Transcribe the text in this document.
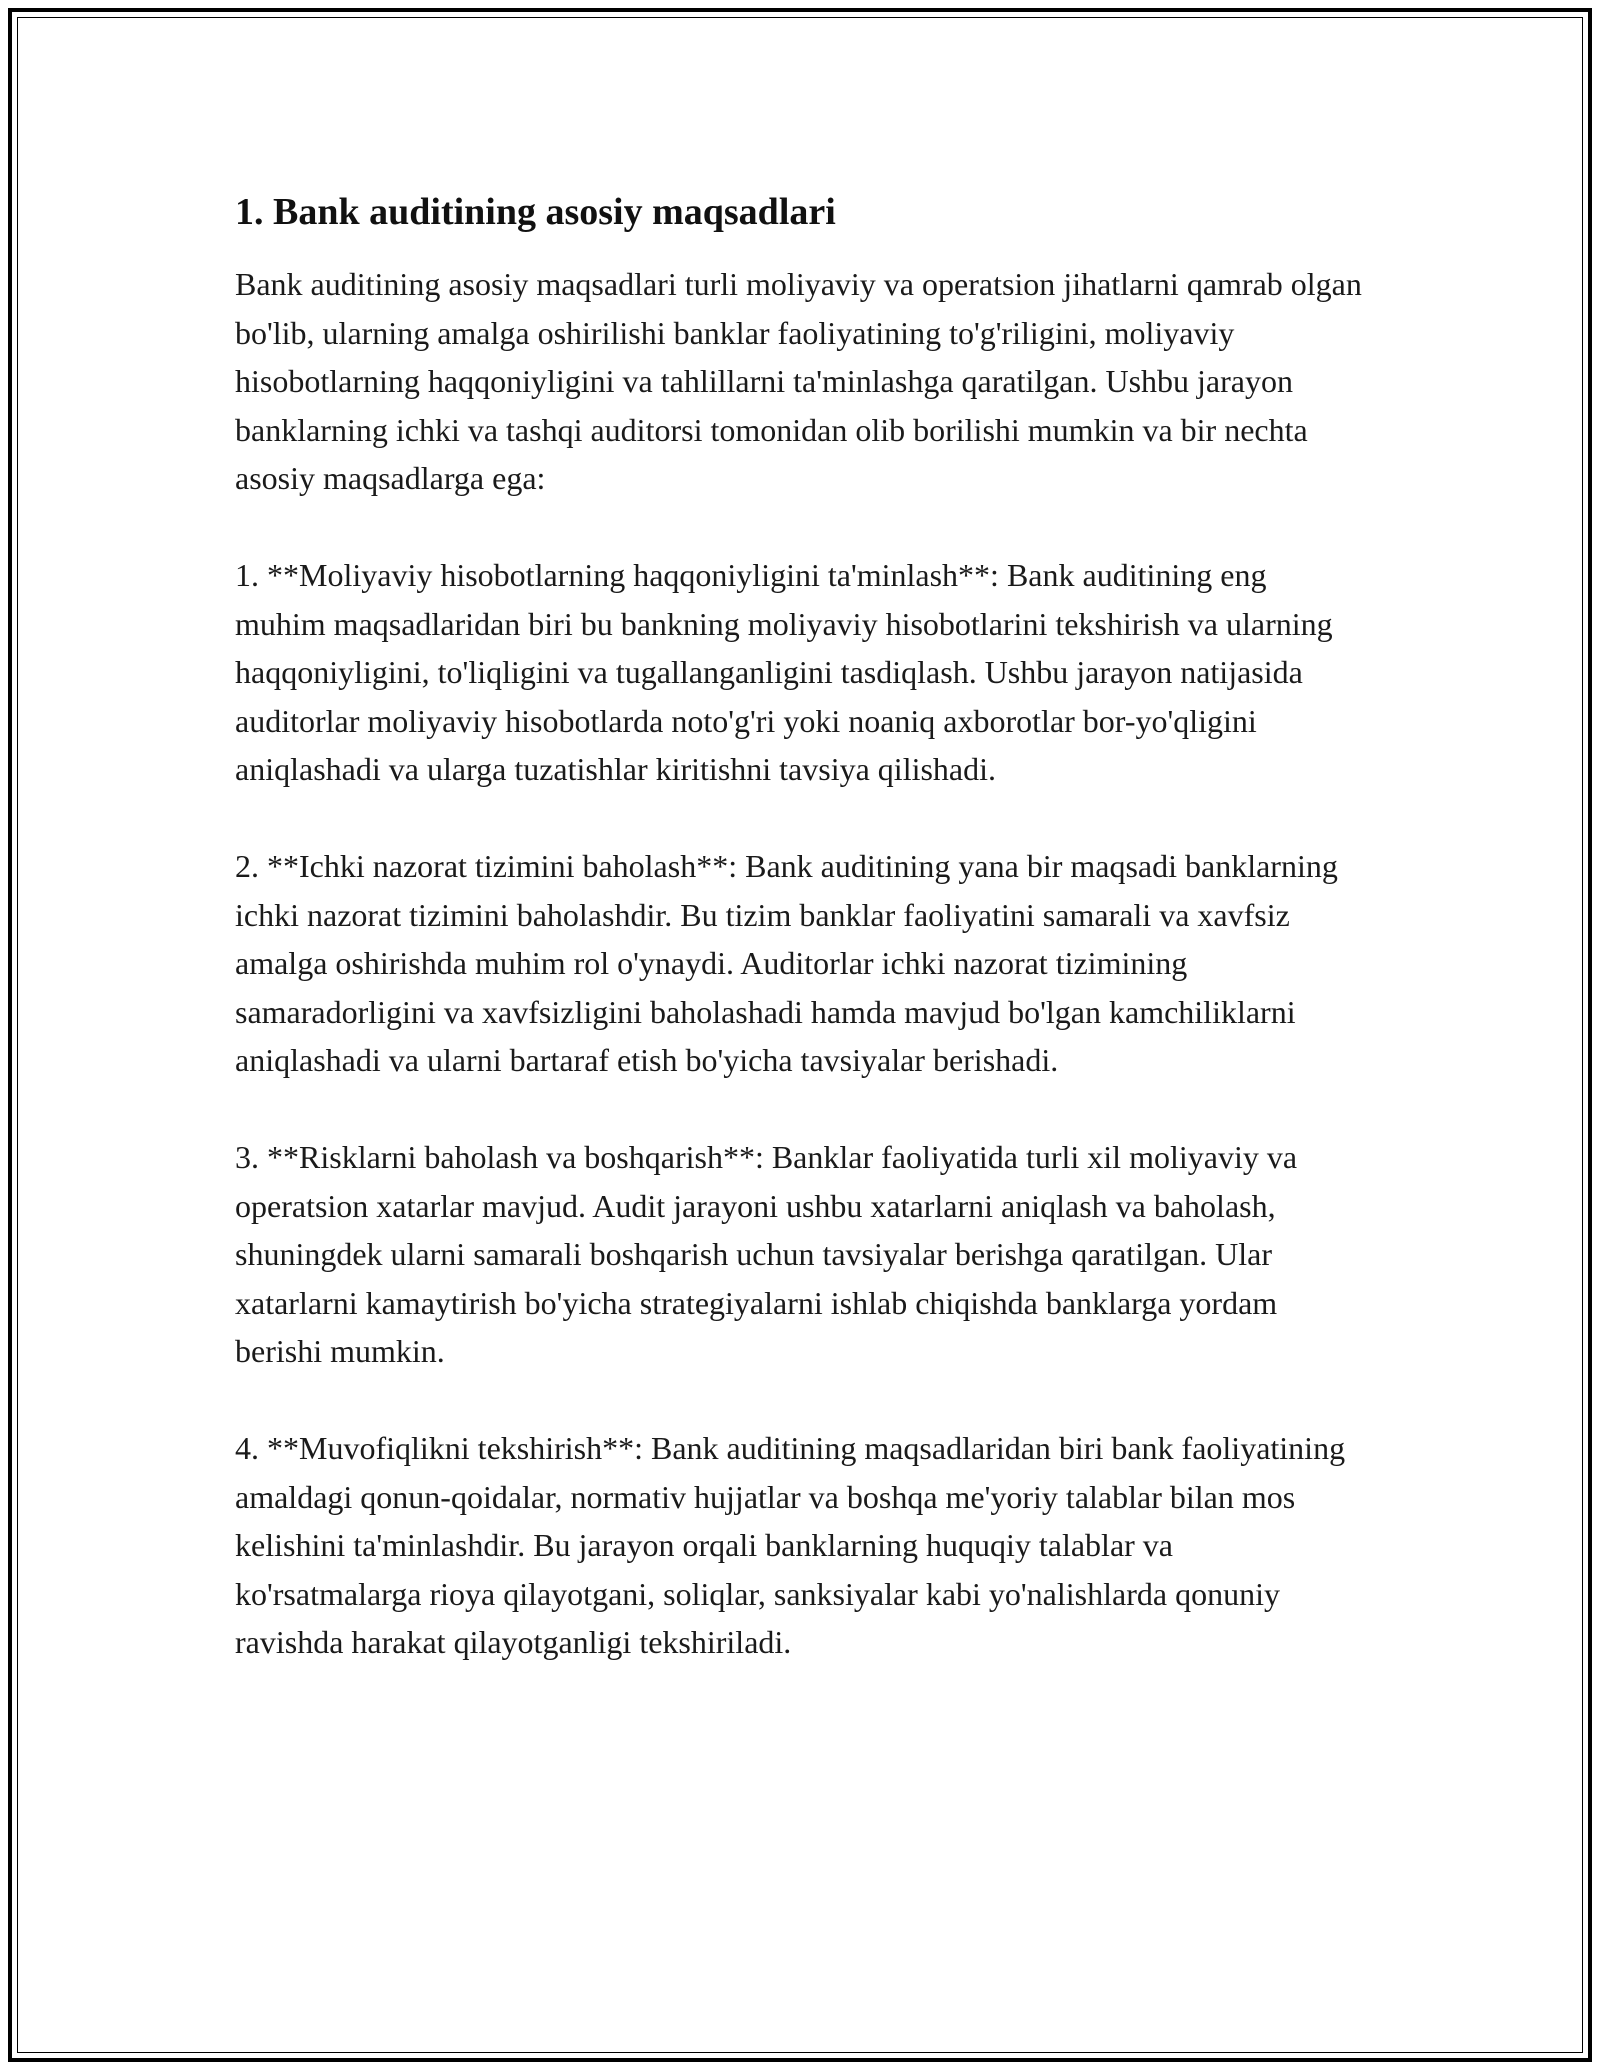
1. Bank auditining asosiy maqsadlari

Bank auditining asosiy maqsadlari turli moliyaviy va operatsion jihatlarni qamrab olgan bo'lib, ularning amalga oshirilishi banklar faoliyatining to'g'riligini, moliyaviy hisobotlarning haqqoniyligini va tahlillarni ta'minlashga qaratilgan. Ushbu jarayon banklarning ichki va tashqi auditorsi tomonidan olib borilishi mumkin va bir nechta asosiy maqsadlarga ega:

1. **Moliyaviy hisobotlarning haqqoniyligini ta'minlash**: Bank auditining eng muhim maqsadlaridan biri bu bankning moliyaviy hisobotlarini tekshirish va ularning haqqoniyligini, to'liqligini va tugallanganligini tasdiqlash. Ushbu jarayon natijasida auditorlar moliyaviy hisobotlarda noto'g'ri yoki noaniq axborotlar bor-yo'qligini aniqlashadi va ularga tuzatishlar kiritishni tavsiya qilishadi.

2. **Ichki nazorat tizimini baholash**: Bank auditining yana bir maqsadi banklarning ichki nazorat tizimini baholashdir. Bu tizim banklar faoliyatini samarali va xavfsiz amalga oshirishda muhim rol o'ynaydi. Auditorlar ichki nazorat tizimining samaradorligini va xavfsizligini baholashadi hamda mavjud bo'lgan kamchiliklarni aniqlashadi va ularni bartaraf etish bo'yicha tavsiyalar berishadi.

3. **Risklarni baholash va boshqarish**: Banklar faoliyatida turli xil moliyaviy va operatsion xatarlar mavjud. Audit jarayoni ushbu xatarlarni aniqlash va baholash, shuningdek ularni samarali boshqarish uchun tavsiyalar berishga qaratilgan. Ular xatarlarni kamaytirish bo'yicha strategiyalarni ishlab chiqishda banklarga yordam berishi mumkin.

4. **Muvofiqlikni tekshirish**: Bank auditining maqsadlaridan biri bank faoliyatining amaldagi qonun-qoidalar, normativ hujjatlar va boshqa me'yoriy talablar bilan mos kelishini ta'minlashdir. Bu jarayon orqali banklarning huquqiy talablar va ko'rsatmalarga rioya qilayotgani, soliqlar, sanksiyalar kabi yo'nalishlarda qonuniy ravishda harakat qilayotganligi tekshiriladi.
